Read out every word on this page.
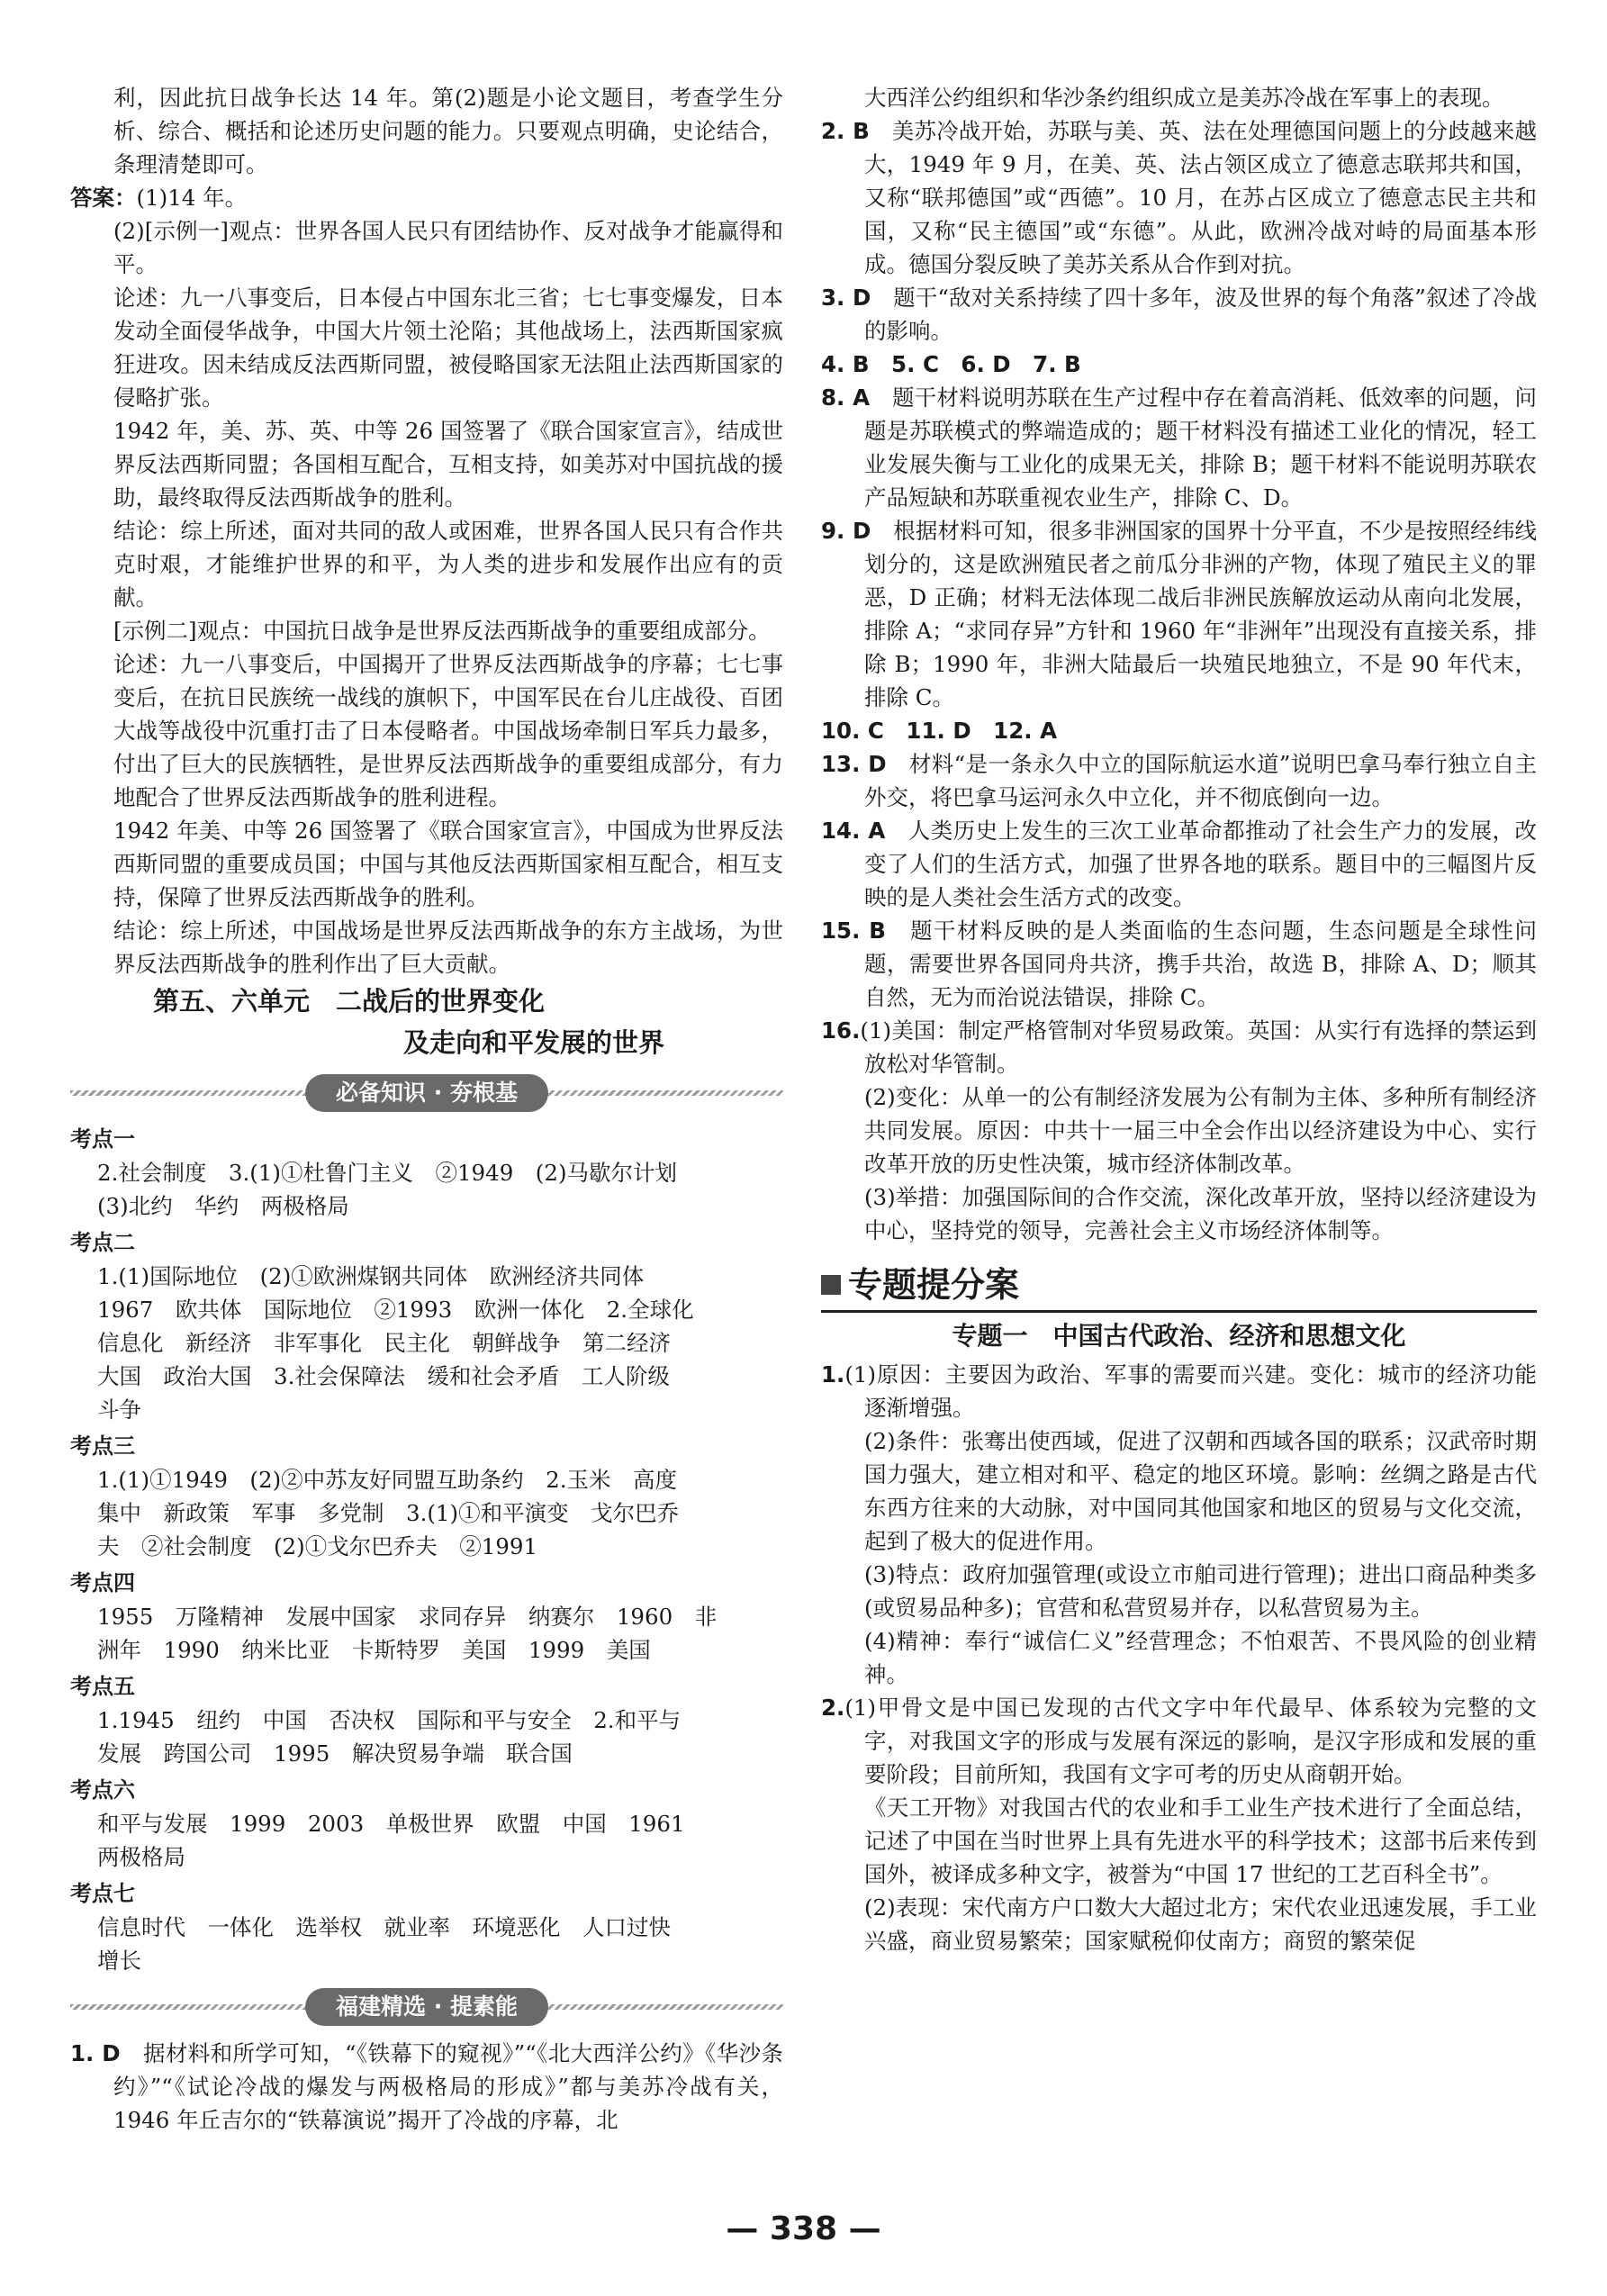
利，因此抗日战争长达 14 年。第(2)题是小论文题目，考查学生分析、综合、概括和论述历史问题的能力。只要观点明确，史论结合，条理清楚即可。

答案：(1)14 年。

(2)[示例一]观点：世界各国人民只有团结协作、反对战争才能赢得和平。

论述：九一八事变后，日本侵占中国东北三省；七七事变爆发，日本发动全面侵华战争，中国大片领土沦陷；其他战场上，法西斯国家疯狂进攻。因未结成反法西斯同盟，被侵略国家无法阻止法西斯国家的侵略扩张。

1942 年，美、苏、英、中等 26 国签署了《联合国家宣言》，结成世界反法西斯同盟；各国相互配合，互相支持，如美苏对中国抗战的援助，最终取得反法西斯战争的胜利。

结论：综上所述，面对共同的敌人或困难，世界各国人民只有合作共克时艰，才能维护世界的和平，为人类的进步和发展作出应有的贡献。

[示例二]观点：中国抗日战争是世界反法西斯战争的重要组成部分。

论述：九一八事变后，中国揭开了世界反法西斯战争的序幕；七七事变后，在抗日民族统一战线的旗帜下，中国军民在台儿庄战役、百团大战等战役中沉重打击了日本侵略者。中国战场牵制日军兵力最多，付出了巨大的民族牺牲，是世界反法西斯战争的重要组成部分，有力地配合了世界反法西斯战争的胜利进程。

1942 年美、中等 26 国签署了《联合国家宣言》，中国成为世界反法西斯同盟的重要成员国；中国与其他反法西斯国家相互配合，相互支持，保障了世界反法西斯战争的胜利。

结论：综上所述，中国战场是世界反法西斯战争的东方主战场，为世界反法西斯战争的胜利作出了巨大贡献。

第五、六单元　二战后的世界变化
及走向和平发展的世界
必备知识 · 夯根基
考点一

2.社会制度　3.(1)①杜鲁门主义　②1949　(2)马歇尔计划

(3)北约　华约　两极格局

考点二

1.(1)国际地位　(2)①欧洲煤钢共同体　欧洲经济共同体

1967　欧共体　国际地位　②1993　欧洲一体化　2.全球化

信息化　新经济　非军事化　民主化　朝鲜战争　第二经济

大国　政治大国　3.社会保障法　缓和社会矛盾　工人阶级

斗争

考点三

1.(1)①1949　(2)②中苏友好同盟互助条约　2.玉米　高度

集中　新政策　军事　多党制　3.(1)①和平演变　戈尔巴乔

夫　②社会制度　(2)①戈尔巴乔夫　②1991

考点四

1955　万隆精神　发展中国家　求同存异　纳赛尔　1960　非

洲年　1990　纳米比亚　卡斯特罗　美国　1999　美国

考点五

1.1945　纽约　中国　否决权　国际和平与安全　2.和平与

发展　跨国公司　1995　解决贸易争端　联合国

考点六

和平与发展　1999　2003　单极世界　欧盟　中国　1961

两极格局

考点七

信息时代　一体化　选举权　就业率　环境恶化　人口过快

增长

福建精选 · 提素能

1. D　 据材料和所学可知，“《铁幕下的窥视》”“《北大西洋公约》《华沙条约》”“《试论冷战的爆发与两极格局的形成》”都与美苏冷战有关，1946 年丘吉尔的“铁幕演说”揭开了冷战的序幕，北

大西洋公约组织和华沙条约组织成立是美苏冷战在军事上的表现。

2. B　 美苏冷战开始，苏联与美、英、法在处理德国问题上的分歧越来越大，1949 年 9 月，在美、英、法占领区成立了德意志联邦共和国，又称“联邦德国”或“西德”。10 月，在苏占区成立了德意志民主共和国，又称“民主德国”或“东德”。从此，欧洲冷战对峙的局面基本形成。德国分裂反映了美苏关系从合作到对抗。

3. D　 题干“敌对关系持续了四十多年，波及世界的每个角落”叙述了冷战的影响。

4. B　5. C　6. D　7. B

8. A　 题干材料说明苏联在生产过程中存在着高消耗、低效率的问题，问题是苏联模式的弊端造成的；题干材料没有描述工业化的情况，轻工业发展失衡与工业化的成果无关，排除 B；题干材料不能说明苏联农产品短缺和苏联重视农业生产，排除 C、D。

9. D　 根据材料可知，很多非洲国家的国界十分平直，不少是按照经纬线划分的，这是欧洲殖民者之前瓜分非洲的产物，体现了殖民主义的罪恶，D 正确；材料无法体现二战后非洲民族解放运动从南向北发展，排除 A；“求同存异”方针和 1960 年“非洲年”出现没有直接关系，排除 B；1990 年，非洲大陆最后一块殖民地独立，不是 90 年代末，排除 C。

10. C　11. D　12. A

13. D　 材料“是一条永久中立的国际航运水道”说明巴拿马奉行独立自主外交，将巴拿马运河永久中立化，并不彻底倒向一边。

14. A　 人类历史上发生的三次工业革命都推动了社会生产力的发展，改变了人们的生活方式，加强了世界各地的联系。题目中的三幅图片反映的是人类社会生活方式的改变。

15. B　 题干材料反映的是人类面临的生态问题，生态问题是全球性问题，需要世界各国同舟共济，携手共治，故选 B，排除 A、D；顺其自然，无为而治说法错误，排除 C。

16.(1)美国：制定严格管制对华贸易政策。英国：从实行有选择的禁运到放松对华管制。

(2)变化：从单一的公有制经济发展为公有制为主体、多种所有制经济共同发展。原因：中共十一届三中全会作出以经济建设为中心、实行改革开放的历史性决策，城市经济体制改革。

(3)举措：加强国际间的合作交流，深化改革开放，坚持以经济建设为中心，坚持党的领导，完善社会主义市场经济体制等。

专题提分案
专题一　中国古代政治、经济和思想文化

1.(1)原因：主要因为政治、军事的需要而兴建。变化：城市的经济功能逐渐增强。

(2)条件：张骞出使西域，促进了汉朝和西域各国的联系；汉武帝时期国力强大，建立相对和平、稳定的地区环境。影响：丝绸之路是古代东西方往来的大动脉，对中国同其他国家和地区的贸易与文化交流，起到了极大的促进作用。

(3)特点：政府加强管理(或设立市舶司进行管理)；进出口商品种类多(或贸易品种多)；官营和私营贸易并存，以私营贸易为主。

(4)精神：奉行“诚信仁义”经营理念；不怕艰苦、不畏风险的创业精神。

2.(1)甲骨文是中国已发现的古代文字中年代最早、体系较为完整的文字，对我国文字的形成与发展有深远的影响，是汉字形成和发展的重要阶段；目前所知，我国有文字可考的历史从商朝开始。

《天工开物》对我国古代的农业和手工业生产技术进行了全面总结，记述了中国在当时世界上具有先进水平的科学技术；这部书后来传到国外，被译成多种文字，被誉为“中国 17 世纪的工艺百科全书”。

(2)表现：宋代南方户口数大大超过北方；宋代农业迅速发展，手工业兴盛，商业贸易繁荣；国家赋税仰仗南方；商贸的繁荣促

— 338 —
